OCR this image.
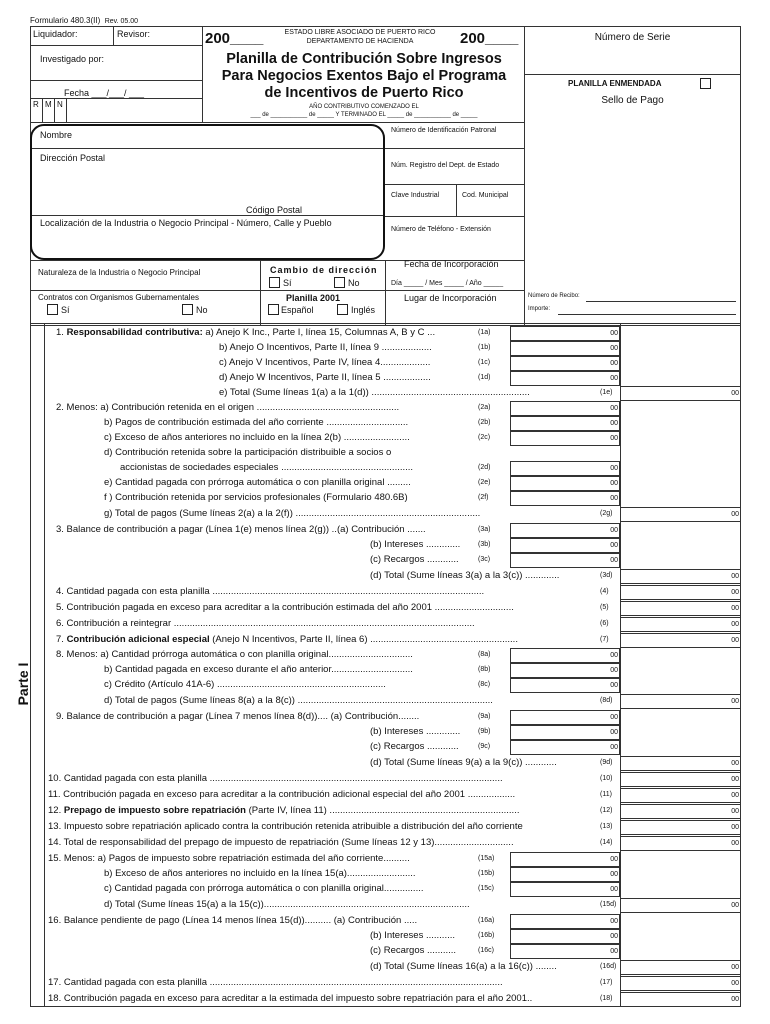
Formulario 480.3(II) Rev. 05.00
Liquidador:	Revisor:
Investigado por:
Fecha ___/___/ ___
R M N
200____	200____
ESTADO LIBRE ASOCIADO DE PUERTO RICO
DEPARTAMENTO DE HACIENDA
Planilla de Contribución Sobre Ingresos
Para Negocios Exentos Bajo el Programa
de Incentivos de Puerto Rico
AÑO CONTRIBUTIVO COMENZADO EL
___ de ___________ de _____ Y TERMINADO EL _____ de ___________ de _____
Número de Serie
PLANILLA ENMENDADA
Sello de Pago
Nombre
Dirección Postal
Código Postal
Localización de la Industria o Negocio Principal - Número, Calle y Pueblo
Número de Identificación Patronal
Núm. Registro del Dept. de Estado
Clave Industrial	Cod. Municipal
Número de Teléfono - Extensión
Naturaleza de la Industria o Negocio Principal	Cambio de dirección
Sí	No
Fecha de Incorporación
Día _____ / Mes _____ / Año _____
Contratos con Organismos Gubernamentales
Sí	No
Planilla 2001
Español	Inglés
Lugar de Incorporación	Número de Recibo:
Importe:
Parte I
1. Responsabilidad contributiva: a) Anejo K Inc., Parte I, línea 15, Columnas A, B y C ...	(1a)	00
b) Anejo O Incentivos, Parte II, línea 9 ...................	(1b)	00
c) Anejo V Incentivos, Parte IV, línea 4...................	(1c)	00
d) Anejo W Incentivos, Parte II, línea 5 ..................	(1d)	00
e) Total (Sume líneas 1(a) a la 1(d)) ............................................................	(1e)	00
2. Menos: a) Contribución retenida en el origen ......................................................	(2a)	00
b) Pagos de contribución estimada del año corriente ...............................	(2b)	00
c) Exceso de años anteriores no incluido en la línea 2(b) .........................	(2c)	00
d) Contribución retenida sobre la participación distribuible a socios o
accionistas de sociedades especiales ..................................................	(2d)	00
e) Cantidad pagada con prórroga automática o con planilla original .........	(2e)	00
f ) Contribución retenida por servicios profesionales (Formulario 480.6B)	(2f)	00
g) Total de pagos (Sume líneas 2(a) a la 2(f)) ......................................................................	(2g)	00
3. Balance de contribución a pagar (Línea 1(e) menos línea 2(g)) ..(a) Contribución .......	(3a)	00
(b) Intereses .............	(3b)	00
(c) Recargos ............	(3c)	00
(d) Total (Sume líneas 3(a) a la 3(c)) .............	(3d)	00
4. Cantidad pagada con esta planilla .......................................................................................................	(4)	00
5. Contribución pagada en exceso para acreditar a la contribución estimada del año 2001 ..............................	(5)	00
6. Contribución a reintegrar ..................................................................................................................	(6)	00
7. Contribución adicional especial (Anejo N Incentivos, Parte II, línea 6) ........................................................	(7)	00
8. Menos: a) Cantidad prórroga automática o con planilla original................................	(8a)	00
b) Cantidad pagada en exceso durante el año anterior...............................	(8b)	00
c) Crédito (Artículo 41A-6) ................................................................	(8c)	00
d) Total de pagos (Sume líneas 8(a) a la 8(c)) ..........................................................................	(8d)	00
9. Balance de contribución a pagar (Línea 7 menos línea 8(d)).... (a) Contribución........	(9a)	00
(b) Intereses .............	(9b)	00
(c) Recargos ............	(9c)	00
(d) Total (Sume líneas 9(a) a la 9(c)) ............	(9d)	00
10. Cantidad pagada con esta planilla ...............................................................................................................	(10)	00
11. Contribución pagada en exceso para acreditar a la contribución adicional especial del año 2001 ..................	(11)	00
12. Prepago de impuesto sobre repatriación (Parte IV, línea 11) ........................................................................	(12)	00
13. Impuesto sobre repatriación aplicado contra la contribución retenida atribuible a distribución del año corriente	(13)	00
14. Total de responsabilidad del prepago de impuesto de repatriación (Sume líneas 12 y 13)..............................	(14)	00
15. Menos: a) Pagos de impuesto sobre repatriación estimada del año corriente..........	(15a)	00
b) Exceso de años anteriores no incluido en la línea 15(a)..........................	(15b)	00
c) Cantidad pagada con prórroga automática o con planilla original...............	(15c)	00
d) Total (Sume líneas 15(a) a la 15(c))..............................................................................	(15d)	00
16. Balance pendiente de pago (Línea 14 menos línea 15(d)).......... (a) Contribución .....	(16a)	00
(b) Intereses ...........	(16b)	00
(c) Recargos ...........	(16c)	00
(d) Total (Sume líneas 16(a) a la 16(c)) ........	(16d)	00
17. Cantidad pagada con esta planilla ...............................................................................................................	(17)	00
18. Contribución pagada en exceso para acreditar a la estimada del impuesto sobre repatriación para el año 2001..	(18)	00
